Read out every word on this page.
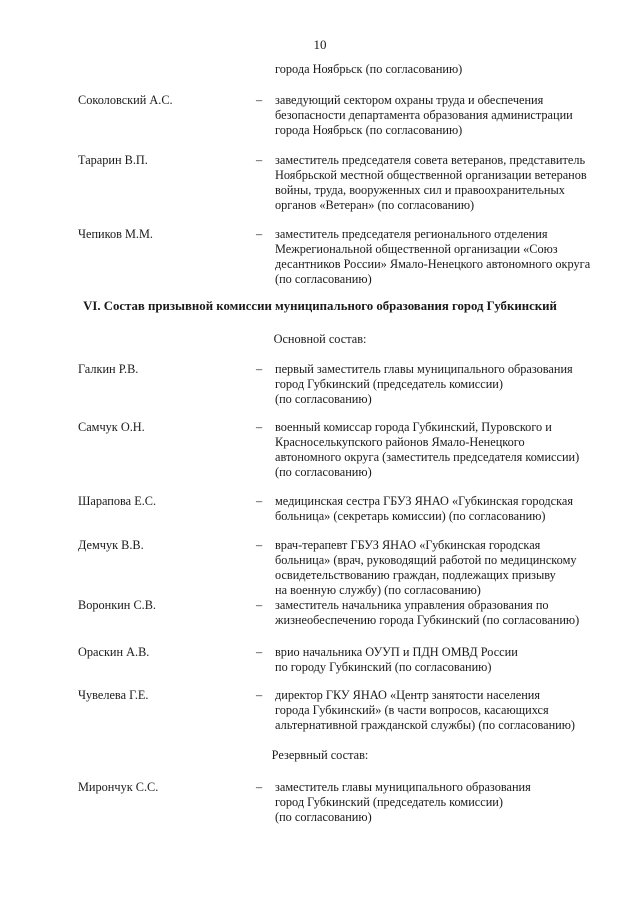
10
города Ноябрьск (по согласованию)
Соколовский А.С.	– заведующий сектором охраны труда и обеспечения
безопасности департамента образования администрации
города Ноябрьск (по согласованию)
Тарарин В.П.	– заместитель председателя совета ветеранов, представитель
Ноябрьской местной общественной организации ветеранов
войны, труда, вооруженных сил и правоохранительных
органов «Ветеран» (по согласованию)
Чепиков М.М.	– заместитель председателя регионального отделения
Межрегиональной общественной организации «Союз
десантников России» Ямало-Ненецкого автономного округа
(по согласованию)
VI. Состав призывной комиссии муниципального образования город Губкинский
Основной состав:
Галкин Р.В.	– первый заместитель главы муниципального образования
город Губкинский (председатель комиссии)
(по согласованию)
Самчук О.Н.	– военный комиссар города Губкинский, Пуровского и
Красноселькупского районов Ямало-Ненецкого
автономного округа (заместитель председателя комиссии)
(по согласованию)
Шарапова Е.С.	– медицинская сестра ГБУЗ ЯНАО «Губкинская городская
больница» (секретарь комиссии) (по согласованию)
Демчук В.В.	– врач-терапевт ГБУЗ ЯНАО «Губкинская городская
больница» (врач, руководящий работой по медицинскому
освидетельствованию граждан, подлежащих призыву
на военную службу) (по согласованию)
Воронкин С.В.	– заместитель начальника управления образования по
жизнеобеспечению города Губкинский (по согласованию)
Ораскин А.В.	– врио начальника ОУУП и ПДН ОМВД России
по городу Губкинский (по согласованию)
Чувелева Г.Е.	– директор ГКУ ЯНАО «Центр занятости населения
города Губкинский» (в части вопросов, касающихся
альтернативной гражданской службы) (по согласованию)
Резервный состав:
Мирончук С.С.	– заместитель главы муниципального образования
город Губкинский (председатель комиссии)
(по согласованию)
